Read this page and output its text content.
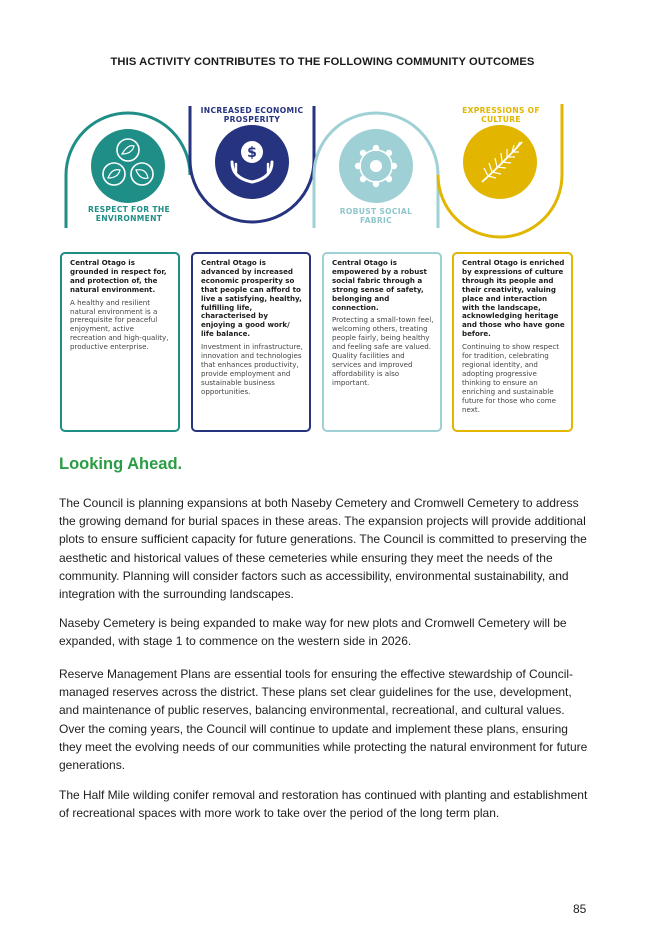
THIS ACTIVITY CONTRIBUTES TO THE FOLLOWING COMMUNITY OUTCOMES
$
RESPECT FOR THE
ENVIRONMENT
INCREASED ECONOMIC
PROSPERITY
ROBUST SOCIAL
FABRIC
EXPRESSIONS OF
CULTURE
Central Otago is grounded in respect for, and protection of, the natural environment.
A healthy and resilient natural environment is a prerequisite for peaceful enjoyment, active recreation and high-quality, productive enterprise.
Central Otago is advanced by increased economic prosperity so that people can afford to live a satisfying, healthy, fulfilling life, characterised by enjoying a good work/ life balance.
Investment in infrastructure, innovation and technologies that enhances productivity, provide employment and sustainable business opportunities.
Central Otago is empowered by a robust social fabric through a strong sense of safety, belonging and connection.
Protecting a small-town feel, welcoming others, treating people fairly, being healthy and feeling safe are valued. Quality facilities and services and improved affordability is also important.
Central Otago is enriched by expressions of culture through its people and their creativity, valuing place and interaction with the landscape, acknowledging heritage and those who have gone before.
Continuing to show respect for tradition, celebrating regional identity, and adopting progressive thinking to ensure an enriching and sustainable future for those who come next.
Looking Ahead.
The Council is planning expansions at both Naseby Cemetery and Cromwell Cemetery to address the growing demand for burial spaces in these areas. The expansion projects will provide additional plots to ensure sufficient capacity for future generations. The Council is committed to preserving the aesthetic and historical values of these cemeteries while ensuring they meet the needs of the community. Planning will consider factors such as accessibility, environmental sustainability, and integration with the surrounding landscapes.
Naseby Cemetery is being expanded to make way for new plots and Cromwell Cemetery will be expanded, with stage 1 to commence on the western side in 2026.
Reserve Management Plans are essential tools for ensuring the effective stewardship of Council-managed reserves across the district. These plans set clear guidelines for the use, development, and maintenance of public reserves, balancing environmental, recreational, and cultural values. Over the coming years, the Council will continue to update and implement these plans, ensuring they meet the evolving needs of our communities while protecting the natural environment for future generations.
The Half Mile wilding conifer removal and restoration has continued with planting and establishment of recreational spaces with more work to take over the period of the long term plan.
85
